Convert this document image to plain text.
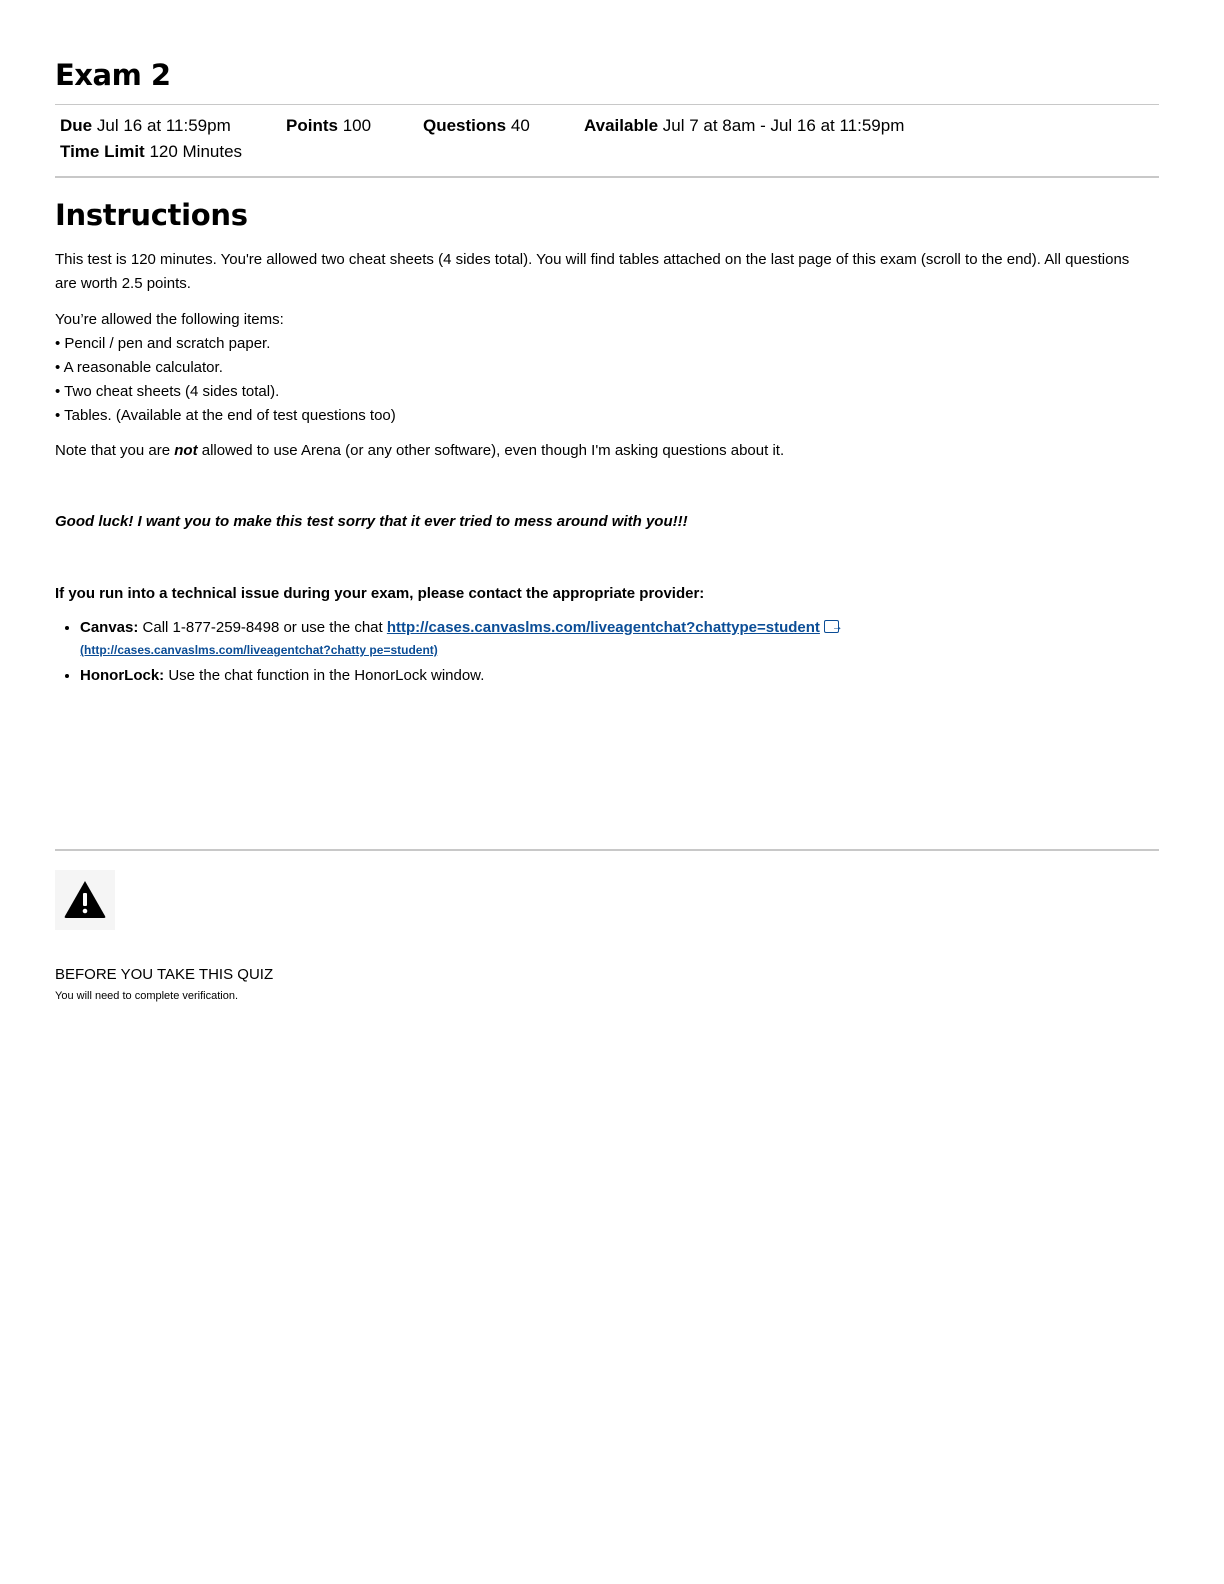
Exam 2
Due Jul 16 at 11:59pm	Points 100	Questions 40	Available Jul 7 at 8am - Jul 16 at 11:59pm
Time Limit 120 Minutes
Instructions
This test is 120 minutes. You're allowed two cheat sheets (4 sides total). You will find tables attached on the last page of this exam (scroll to the end). All questions are worth 2.5 points.
You’re allowed the following items:
• Pencil / pen and scratch paper.
• A reasonable calculator.
• Two cheat sheets (4 sides total).
• Tables. (Available at the end of test questions too)
Note that you are not allowed to use Arena (or any other software), even though I'm asking questions about it.
Good luck! I want you to make this test sorry that it ever tried to mess around with you!!!
If you run into a technical issue during your exam, please contact the appropriate provider:
• Canvas: Call 1-877-259-8498 or use the chat http://cases.canvaslms.com/liveagentchat?chattype=student→
(http://cases.canvaslms.com/liveagentchat?chatty pe=student)
• HonorLock: Use the chat function in the HonorLock window.
BEFORE YOU TAKE THIS QUIZ
You will need to complete verification.
